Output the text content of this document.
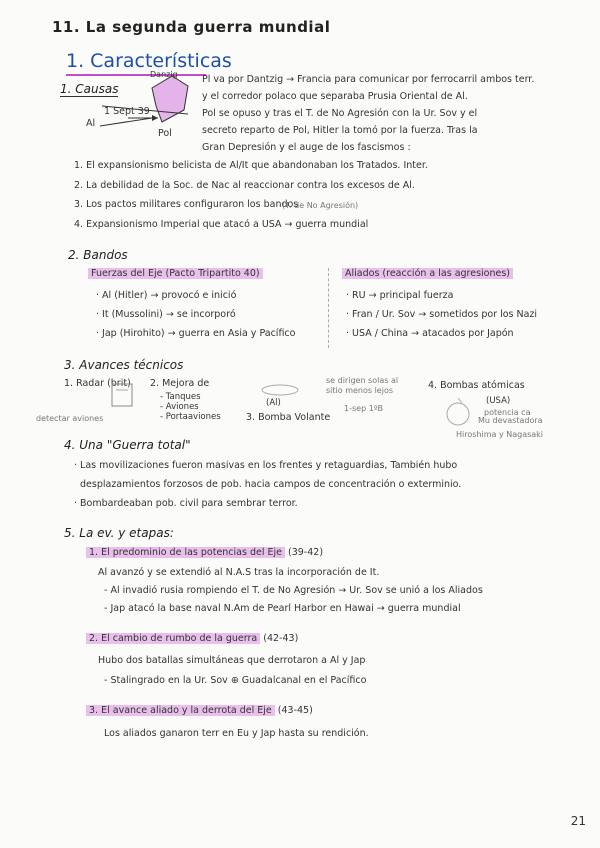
11. La segunda guerra mundial
1. Características
1. Causas
Danzig
1 Sept 39
Al
Pol
Pl va por Dantzig → Francia para comunicar por ferrocarril ambos terr.
y el corredor polaco que separaba Prusia Oriental de Al.
Pol se opuso y tras el T. de No Agresión con la Ur. Sov y el
secreto reparto de Pol, Hitler la tomó por la fuerza. Tras la
Gran Depresión y el auge de los fascismos :
1. El expansionismo belicista de Al/It que abandonaban los Tratados. Inter.
2. La debilidad de la Soc. de Nac al reaccionar contra los excesos de Al.
3. Los pactos militares configuraron los bandos
(T. de No Agresión)
4. Expansionismo Imperial que atacó a USA → guerra mundial
2. Bandos
Fuerzas del Eje (Pacto Tripartito 40)
· Al (Hitler) → provocó e inició
· It (Mussolini) → se incorporó
· Jap (Hirohito) → guerra en Asia y Pacífico
Aliados (reacción a las agresiones)
· RU → principal fuerza
· Fran / Ur. Sov → sometidos por los Nazi
· USA / China → atacados por Japón
3. Avances técnicos
1. Radar (brit)
detectar aviones
2. Mejora de
- Tanques
- Aviones
- Portaaviones
(Al)
3. Bomba Volante
se dirigen solas al
sitio menos lejos
1-sep 1ºB
4. Bombas atómicas
(USA)
potencia ca
Mu devastadora
Hiroshima y Nagasaki
4. Una "Guerra total"
· Las movilizaciones fueron masivas en los frentes y retaguardias, También hubo
desplazamientos forzosos de pob. hacia campos de concentración o exterminio.
· Bombardeaban pob. civil para sembrar terror.
5. La ev. y etapas:
1. El predominio de las potencias del Eje (39-42)
Al avanzó y se extendió al N.A.S tras la incorporación de It.
- Al invadió rusia rompiendo el T. de No Agresión → Ur. Sov se unió a los Aliados
- Jap atacó la base naval N.Am de Pearl Harbor en Hawai → guerra mundial
2. El cambio de rumbo de la guerra (42-43)
Hubo dos batallas simultáneas que derrotaron a Al y Jap
- Stalingrado en la Ur. Sov ⊕ Guadalcanal en el Pacífico
3. El avance aliado y la derrota del Eje (43-45)
Los aliados ganaron terr en Eu y Jap hasta su rendición.
21
